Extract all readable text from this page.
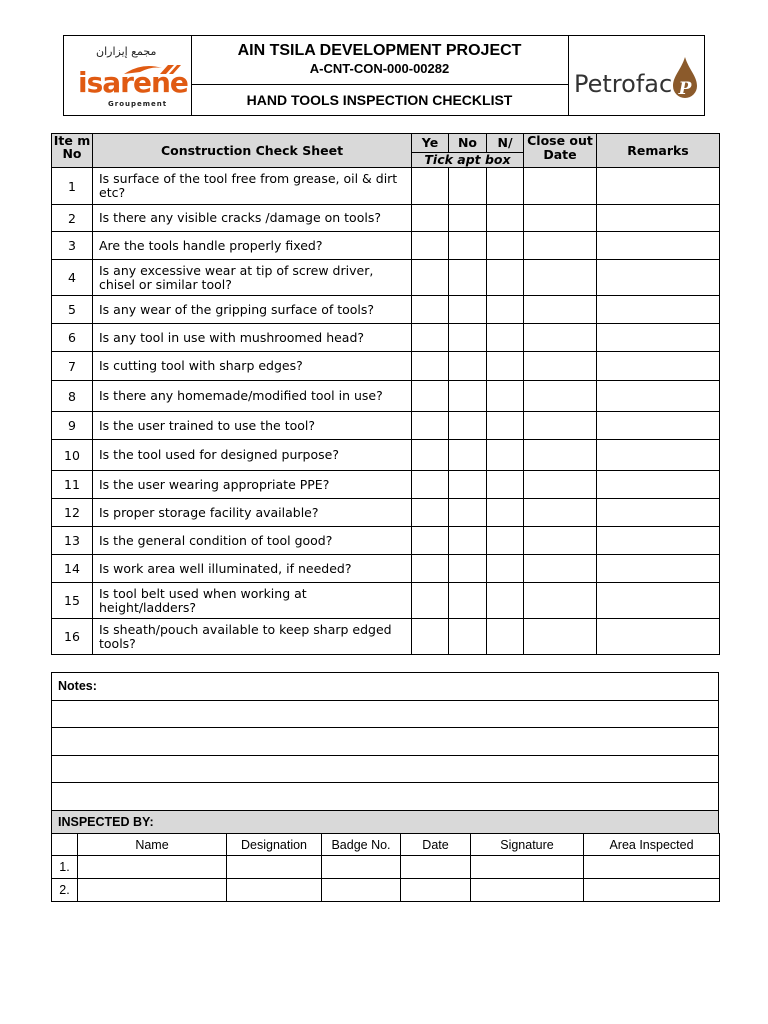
مجمع إيزاران
isarene
Groupement
AIN TSILA DEVELOPMENT PROJECT
A-CNT-CON-000-00282
HAND TOOLS INSPECTION CHECKLIST
Petrofac P
Ite m No	Construction Check Sheet	Ye	No	N/	Close out Date	Remarks
		Tick apt box				
1	Is surface of the tool free from grease, oil & dirt etc?					
2	Is there any visible cracks /damage on tools?					
3	Are the tools handle properly fixed?					
4	Is any excessive wear at tip of screw driver, chisel or similar tool?					
5	Is any wear of the gripping surface of tools?					
6	Is any tool in use with mushroomed head?					
7	Is cutting tool with sharp edges?					
8	Is there any homemade/modified tool in use?					
9	Is the user trained to use the tool?					
10	Is the tool used for designed purpose?					
11	Is the user wearing appropriate PPE?					
12	Is proper storage facility available?					
13	Is the general condition of tool good?					
14	Is work area well illuminated, if needed?					
15	Is tool belt used when working at height/ladders?					
16	Is sheath/pouch available to keep sharp edged tools?					
Notes:

INSPECTED BY:
	Name	Designation	Badge No.	Date	Signature	Area Inspected
1.						
2.						
